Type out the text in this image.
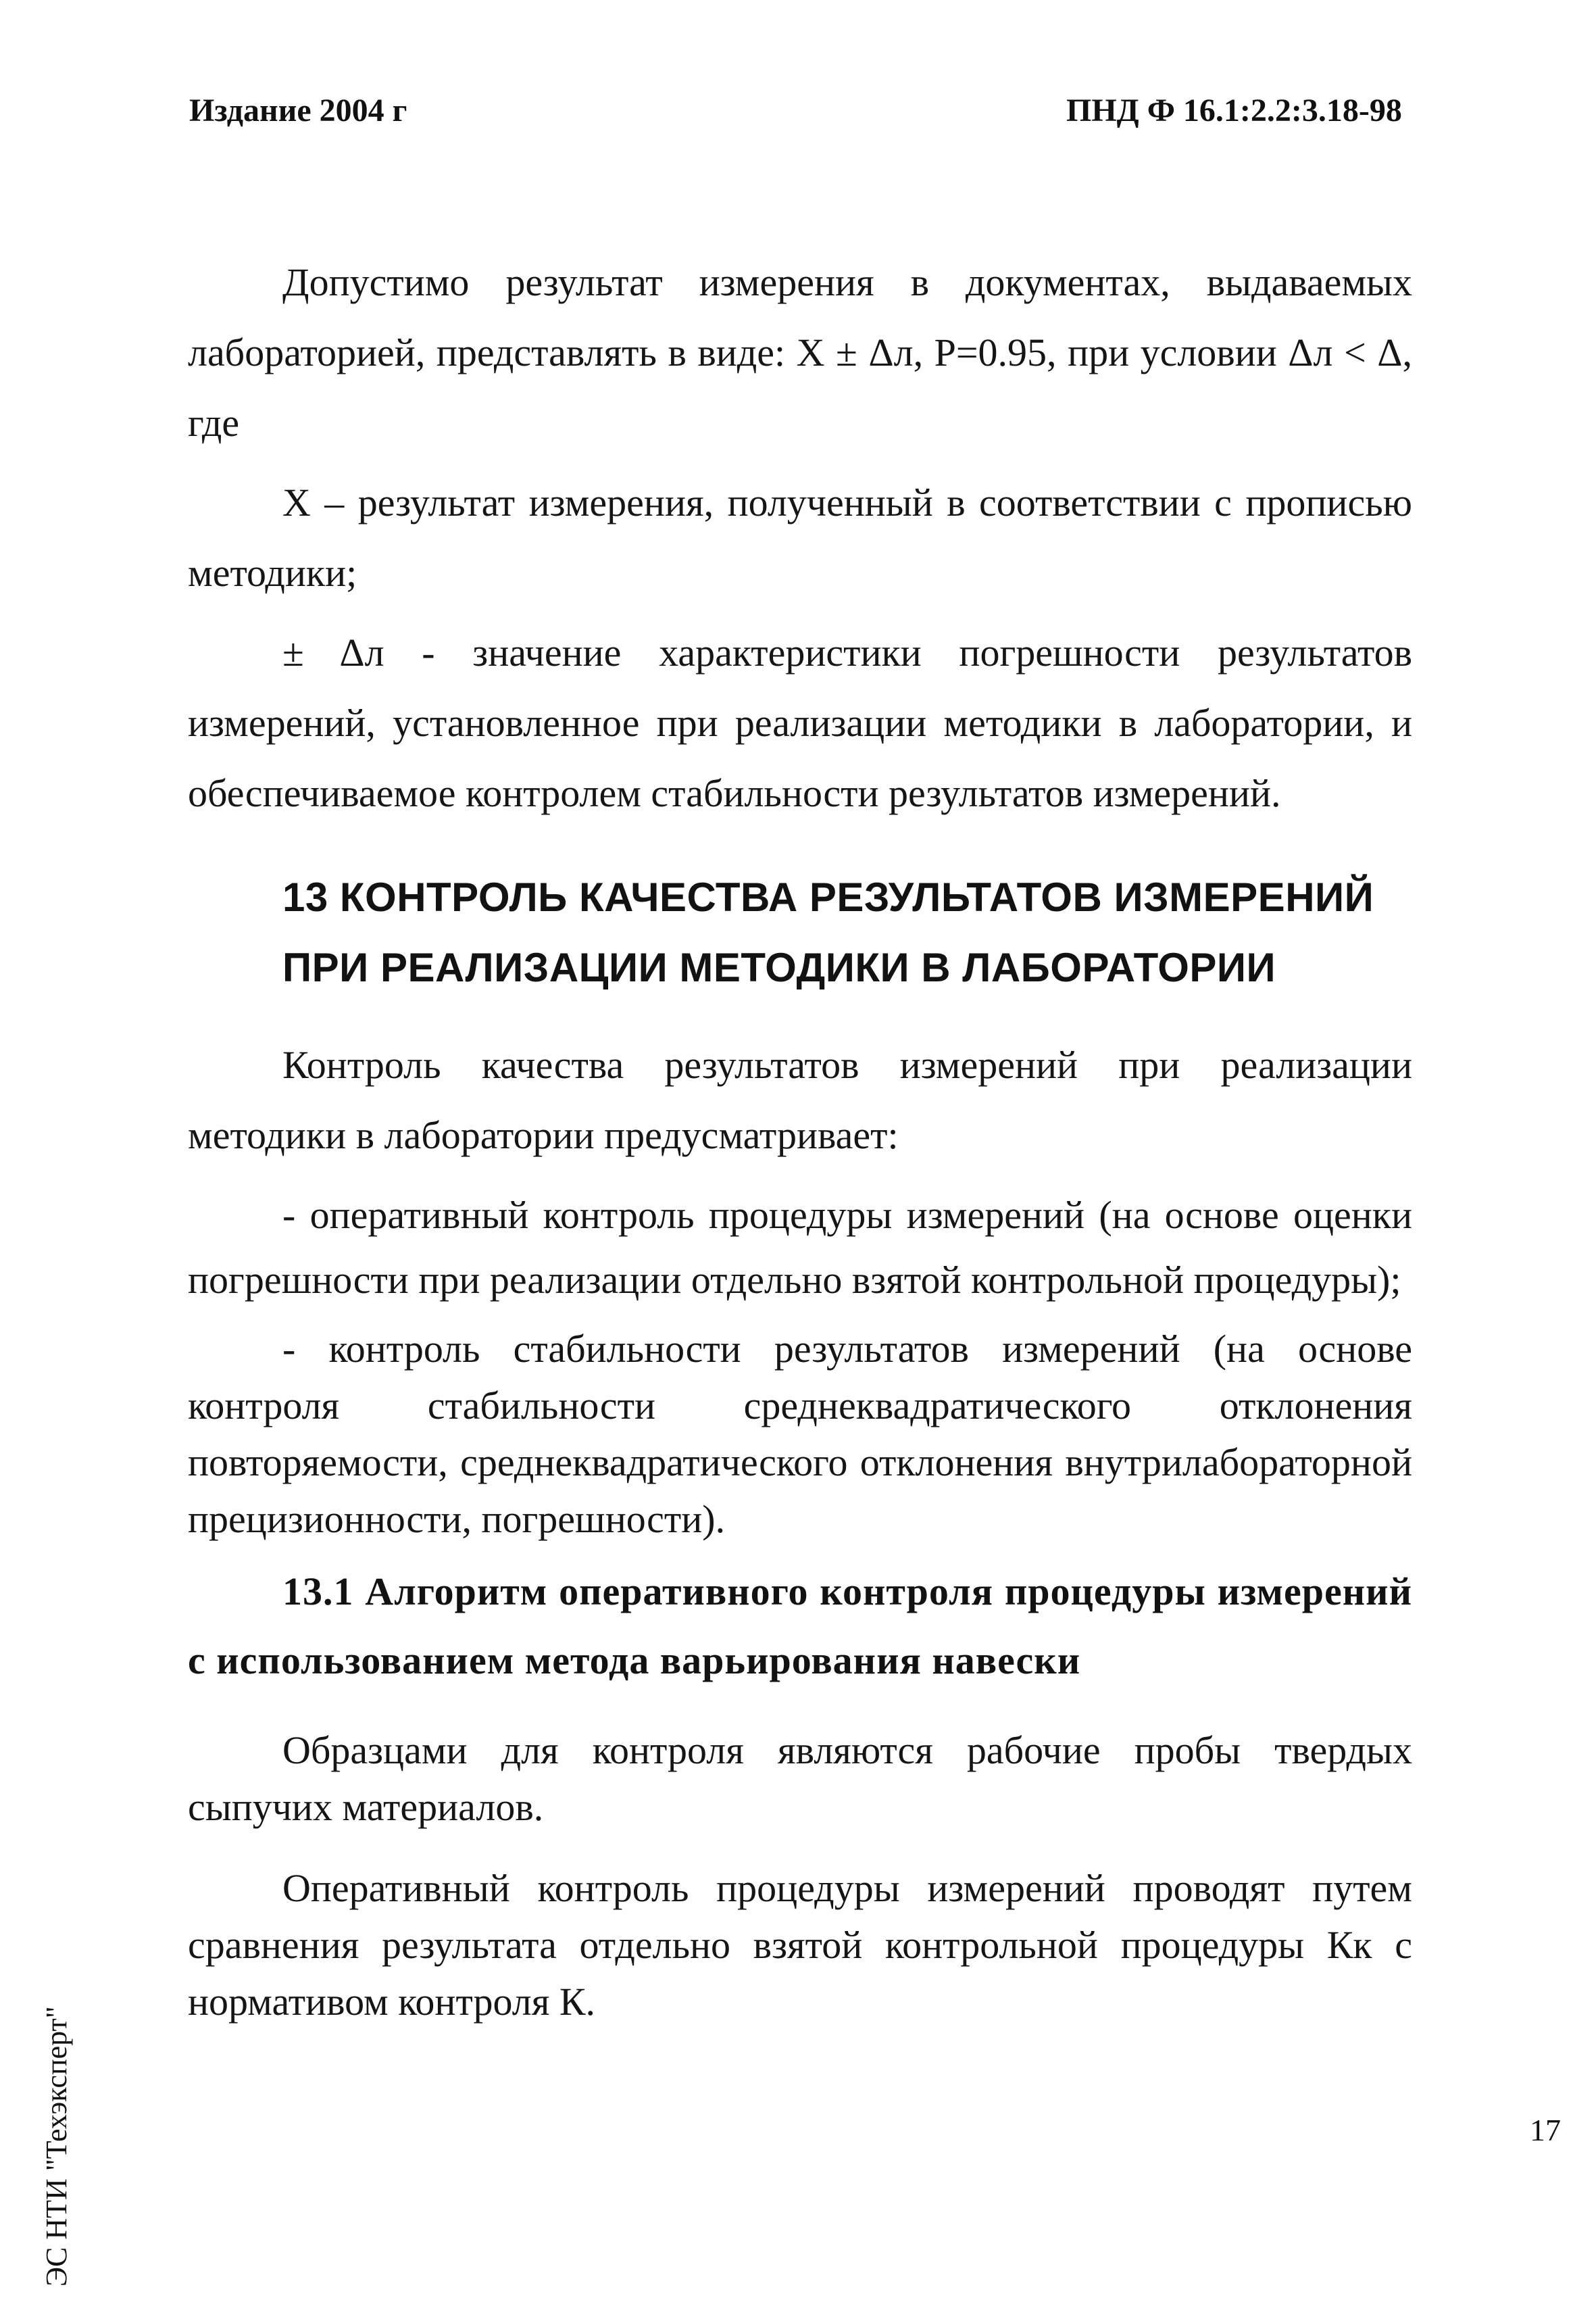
Издание 2004 г	ПНД Ф 16.1:2.2:3.18-98

Допустимо результат измерения в документах, выдаваемых лабораторией, представлять в виде: X ± Δл, P=0.95, при условии Δл < Δ, где

X – результат измерения, полученный в соответствии с прописью методики;

± Δл - значение характеристики погрешности результатов измерений, установленное при реализации методики в лаборатории, и обеспечиваемое контролем стабильности результатов измерений.

13 КОНТРОЛЬ КАЧЕСТВА РЕЗУЛЬТАТОВ ИЗМЕРЕНИЙ ПРИ РЕАЛИЗАЦИИ МЕТОДИКИ В ЛАБОРАТОРИИ

Контроль качества результатов измерений при реализации методики в лаборатории предусматривает:

- оперативный контроль процедуры измерений (на основе оценки погрешности при реализации отдельно взятой контрольной процедуры);

- контроль стабильности результатов измерений (на основе контроля стабильности среднеквадратического отклонения повторяемости, среднеквадратического отклонения внутрилабораторной прецизионности, погрешности).

13.1 Алгоритм оперативного контроля процедуры измерений с использованием метода варьирования навески

Образцами для контроля являются рабочие пробы твердых сыпучих материалов.

Оперативный контроль процедуры измерений проводят путем сравнения результата отдельно взятой контрольной процедуры Кк с нормативом контроля К.

ЭС НТИ "Техэксперт"	17
